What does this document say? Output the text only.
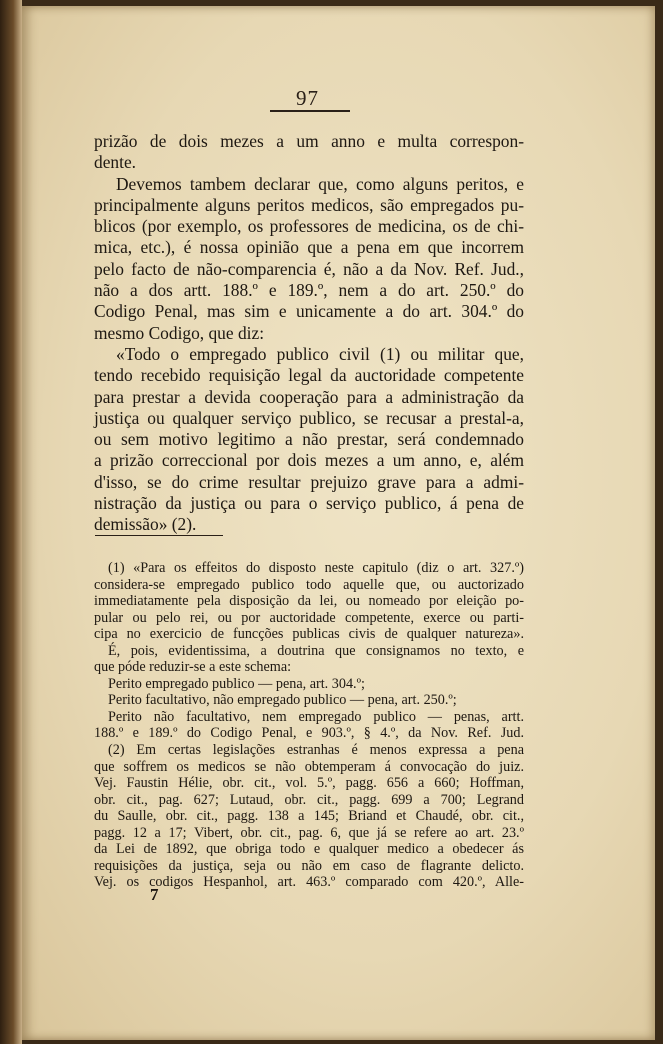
97
prizão de dois mezes a um anno e multa correspon-
dente.
Devemos tambem declarar que, como alguns peritos, e
principalmente alguns peritos medicos, são empregados pu-
blicos (por exemplo, os professores de medicina, os de chi-
mica, etc.), é nossa opinião que a pena em que incorrem
pelo facto de não-comparencia é, não a da Nov. Ref. Jud.,
não a dos artt. 188.º e 189.º, nem a do art. 250.º do
Codigo Penal, mas sim e unicamente a do art. 304.º do
mesmo Codigo, que diz:
«Todo o empregado publico civil (1) ou militar que,
tendo recebido requisição legal da auctoridade competente
para prestar a devida cooperação para a administração da
justiça ou qualquer serviço publico, se recusar a prestal-a,
ou sem motivo legitimo a não prestar, será condemnado
a prizão correccional por dois mezes a um anno, e, além
d'isso, se do crime resultar prejuizo grave para a admi-
nistração da justiça ou para o serviço publico, á pena de
demissão» (2).
(1) «Para os effeitos do disposto neste capitulo (diz o art. 327.º)
considera-se empregado publico todo aquelle que, ou auctorizado
immediatamente pela disposição da lei, ou nomeado por eleição po-
pular ou pelo rei, ou por auctoridade competente, exerce ou parti-
cipa no exercicio de funcções publicas civis de qualquer natureza».
É, pois, evidentissima, a doutrina que consignamos no texto, e
que póde reduzir-se a este schema:
Perito empregado publico — pena, art. 304.º;
Perito facultativo, não empregado publico — pena, art. 250.º;
Perito não facultativo, nem empregado publico — penas, artt.
188.º e 189.º do Codigo Penal, e 903.º, § 4.º, da Nov. Ref. Jud.
(2) Em certas legislações estranhas é menos expressa a pena
que soffrem os medicos se não obtemperam á convocação do juiz.
Vej. Faustin Hélie, obr. cit., vol. 5.º, pagg. 656 a 660; Hoffman,
obr. cit., pag. 627; Lutaud, obr. cit., pagg. 699 a 700; Legrand
du Saulle, obr. cit., pagg. 138 a 145; Briand et Chaudé, obr. cit.,
pagg. 12 a 17; Vibert, obr. cit., pag. 6, que já se refere ao art. 23.º
da Lei de 1892, que obriga todo e qualquer medico a obedecer ás
requisições da justiça, seja ou não em caso de flagrante delicto.
Vej. os codigos Hespanhol, art. 463.º comparado com 420.º, Alle-
7
